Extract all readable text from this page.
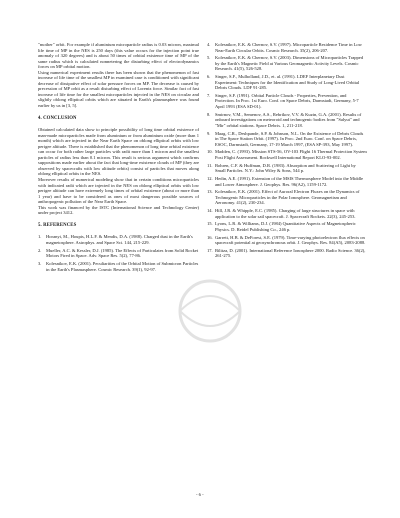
"mother" orbit. For example if aluminium microparticle radius is 0.03 micron, maximal life time of MP in the NES is 250 days (this value occurs for the injection point true anomaly of 320 degrees) and is about 50 times of orbital existence time of MP of the same radius which is calculated nonnetering the disturbing effect of electrodynamics forces on MP orbital motion.

Using numerical experiment results there has been shown that the phenomenon of fast increase of life time of the smallest MP in examined case is conditioned with significant decrease of dissipative effect of solar pressure forces on MP. The decrease is caused by precession of MP orbit as a result disturbing effect of Lorentz force. Similar fact of fast increase of life time for the smallest microparticles injected in the NES on circular and slightly oblong elliptical orbits which are situated in Earth's plasmasphere was found earlier by us in [3, 5].

4. CONCLUSION

Obtained calculated data show to principle possibility of long time orbital existence of man-made microparticles made from aluminium or from aluminium oxide (more than 1 month) which are injected in the Near Earth Space on oblong elliptical orbits with low perigee altitude. There is established that the phenomenon of long time orbital existence can occur for both rather large particles with radii more than 1 micron and the smallest particles of radius less than 0.1 micron. This result is serious argument which confirms suppositions made earlier about the fact that long-time existence clouds of MP (they are observed by spacecrafts with low altitude orbits) consist of particles that moves along oblong elliptical orbits in the NES.

Moreover results of numerical modeling show that in certain conditions microparticles with indicated radii which are injected in the NES on oblong elliptical orbits with low perigee altitude can have extremely long times of orbital existence (about or more than 1 year) and have to be considered as ones of most dangerous possible sources of anthropogenic pollution of the Near Earth Space.

This work was financed by the ISTC (International Science and Technology Center) under project 3412.

5. REFERENCES
1.	Horanyi, M., Houpis, H.L.F. & Mendis, D.A. (1988). Charged dust in the Earth's magnetosphere. Astrophys. and Space Sci. 144, 215-229.
2.	Mueller, A.C. & Kessler, D.J. (1985). The Effects of Particulates from Solid Rocket Motors Fired in Space. Adv. Space Res. 5(2), 77-86.
3.	Kolesnikov, E.K. (2001). Peculiarities of the Orbital Motion of Submicron Particles in the Earth's Plasmasphere. Cosmic Research. 39(1), 92-97.
4.	Kolesnikov, E.K. & Chernov, S.V. (1997). Microparticle Residence Time in Low Near-Earth Circular Orbits. Cosmic Research. 35(2), 206-207.
5.	Kolesnikov, E.K. & Chernov, S.V. (2003). Dimensions of Microparticles Trapped by the Earth's Magnetic Field at Various Geomagnetic Activity Levels. Cosmic Research. 41(5), 526-528.
6.	Singer, S.F., Mulholland, J.D., et. al. (1991). LDEF Interplanetary Dust Experiment: Techniques for the Identification and Study of Long-Lived Orbital Debris Clouds. LDF 91-285.
7.	Singer, S.F. (1991). Orbital Particle Clouds - Properties, Prevention, and Protection. In Proc. 1st Euro. Conf. on Space Debris, Darmstadt, Germany, 5-7 April 1993 (ESA SD-01).
8.	Smirnov, V.M., Semenov, A.S., Rebrikov, V.V. & Kuzin, G.A. (2001). Results of onboard investigations on meteoroid and technogenic bodies from "Salyut" and "Mir" orbital stations. Space Debris. 1, 211-218.
9.	Maag, C.R., Deshpande, S.P. & Johnson, N.L. On the Existence of Debris Clouds in The Space Station Orbit. (1997). In Proc. 2nd Euro. Conf. on Space Debris, ESOC, Darmstadt, Germany, 17-19 March 1997, (ESA SP-393, May 1997).
10. Madden, C. (1993). Mission STS-56, OV-103 Flight 16 Thermal Protection System Post Flight Assessment. Rockwell International Report KLO-93-002.
11. Bohren, C.F. & Huffman, D.R. (1983). Absorption and Scattering of Light by Small Particles. N.Y.: John Wiley & Sons, 544 p.
12. Hedin, A.E. (1991). Extension of the MSIS Thermosphere Model into the Middle and Lower Atmosphere. J. Geophys. Res. 96(A2), 1159-1172.
13. Kolesnikov, E.K. (2001). Effect of Auroral Electron Fluxes on the Dynamics of Technogenic Microparticles in the Polar Ionosphere. Geomagnetism and Aeronomy. 41(2), 230-234.
14. Hill, J.R. & Whipple, E.C. (1985). Charging of large structures in space with application to the solar sail spacecraft. J. Spacecraft Rockets. 22(3), 245-253.
15. Lyons, L.R. & Williams, D.J. (1984) Quantitative Aspects of Magnetospheric Physics. D. Reidel Publishing Co., 246 p.
16. Garrett, H.B. & DeForest, S.E. (1979). Time-varying photoelectron flux effects on spacecraft potential at geosynchronous orbit. J. Geophys. Res. 84(A5), 2083-2088.
17. Bilitza, D. (2001). International Reference Ionosphere 2000. Radio Science. 36(2), 261-275.
- 6 -
